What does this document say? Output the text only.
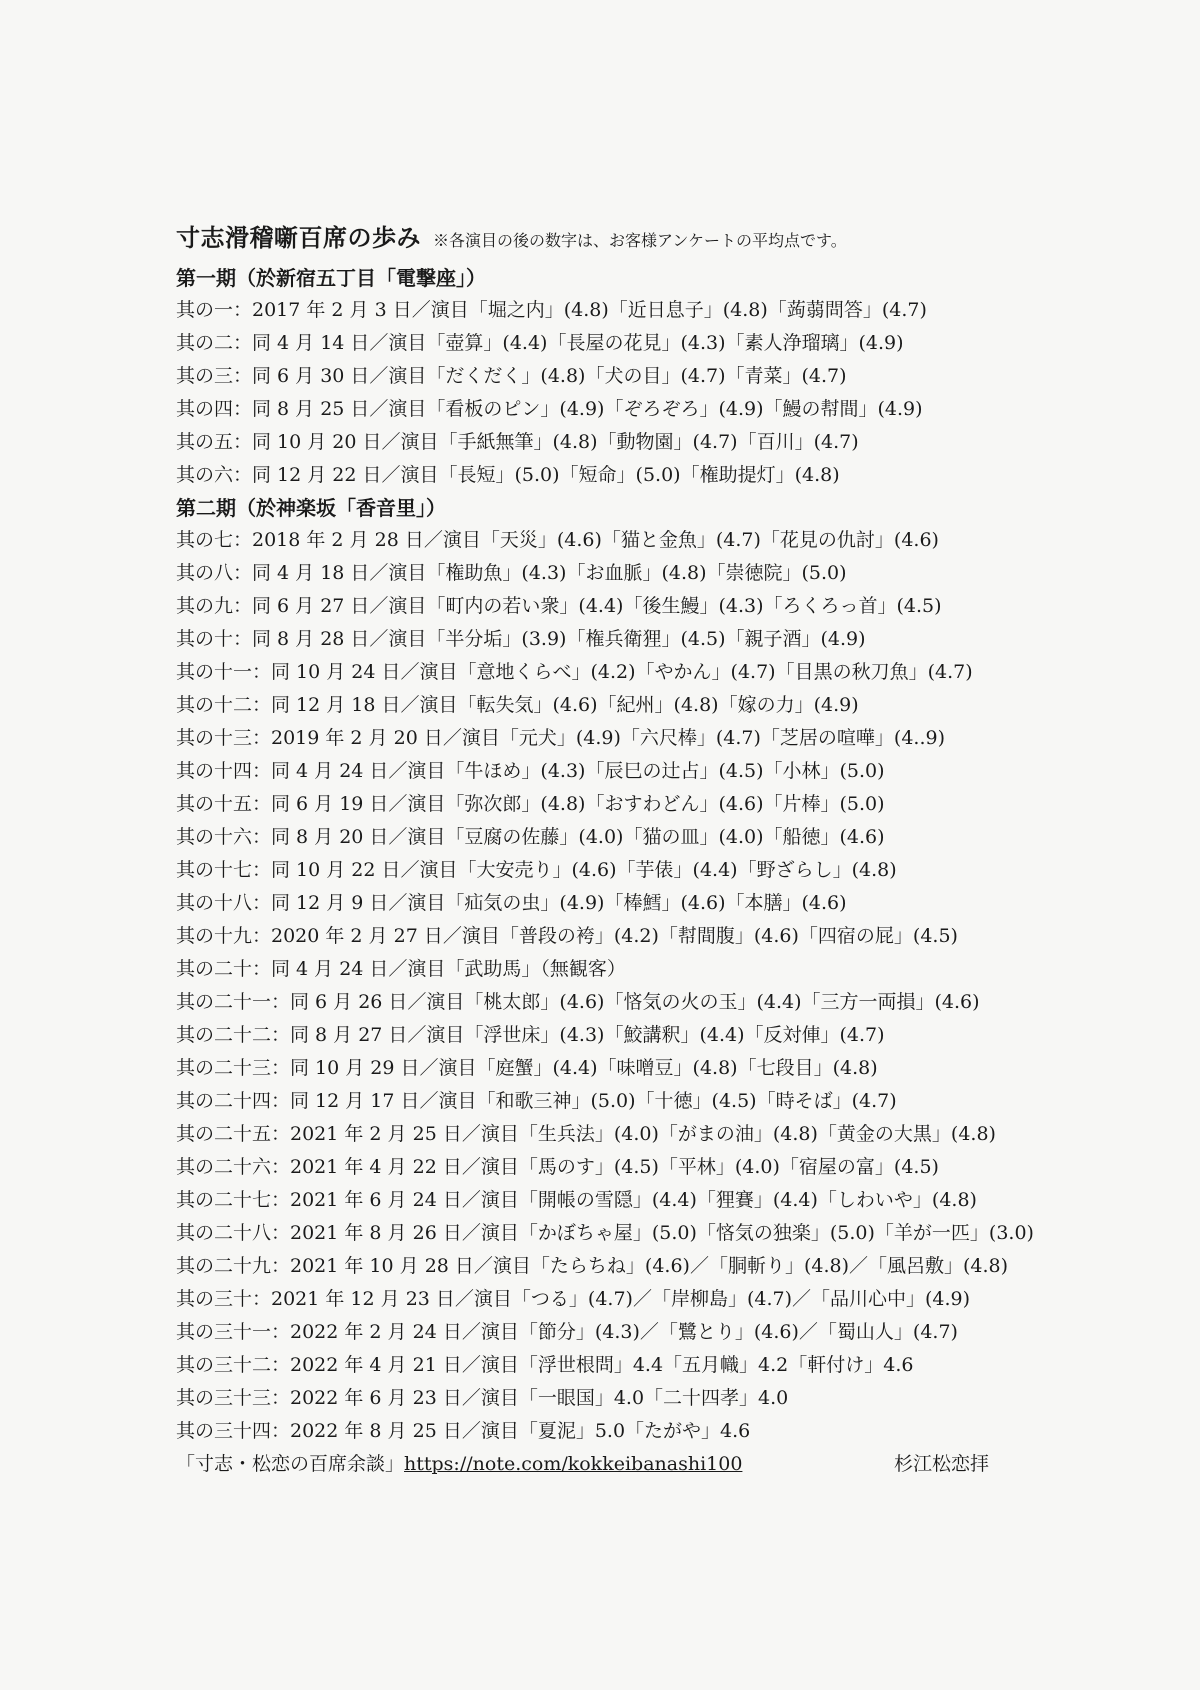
寸志滑稽噺百席の歩み ※各演目の後の数字は、お客様アンケートの平均点です。
第一期（於新宿五丁目「電撃座」）
其の一：2017 年 2 月 3 日／演目「堀之内」(4.8)「近日息子」(4.8)「蒟蒻問答」(4.7)
其の二：同 4 月 14 日／演目「壺算」(4.4)「長屋の花見」(4.3)「素人浄瑠璃」(4.9)
其の三：同 6 月 30 日／演目「だくだく」(4.8)「犬の目」(4.7)「青菜」(4.7)
其の四：同 8 月 25 日／演目「看板のピン」(4.9)「ぞろぞろ」(4.9)「鰻の幇間」(4.9)
其の五：同 10 月 20 日／演目「手紙無筆」(4.8)「動物園」(4.7)「百川」(4.7)
其の六：同 12 月 22 日／演目「長短」(5.0)「短命」(5.0)「権助提灯」(4.8)
第二期（於神楽坂「香音里」）
其の七：2018 年 2 月 28 日／演目「天災」(4.6)「猫と金魚」(4.7)「花見の仇討」(4.6)
其の八：同 4 月 18 日／演目「権助魚」(4.3)「お血脈」(4.8)「崇徳院」(5.0)
其の九：同 6 月 27 日／演目「町内の若い衆」(4.4)「後生鰻」(4.3)「ろくろっ首」(4.5)
其の十：同 8 月 28 日／演目「半分垢」(3.9)「権兵衛狸」(4.5)「親子酒」(4.9)
其の十一：同 10 月 24 日／演目「意地くらべ」(4.2)「やかん」(4.7)「目黒の秋刀魚」(4.7)
其の十二：同 12 月 18 日／演目「転失気」(4.6)「紀州」(4.8)「嫁の力」(4.9)
其の十三：2019 年 2 月 20 日／演目「元犬」(4.9)「六尺棒」(4.7)「芝居の喧嘩」(4..9)
其の十四：同 4 月 24 日／演目「牛ほめ」(4.3)「辰巳の辻占」(4.5)「小林」(5.0)
其の十五：同 6 月 19 日／演目「弥次郎」(4.8)「おすわどん」(4.6)「片棒」(5.0)
其の十六：同 8 月 20 日／演目「豆腐の佐藤」(4.0)「猫の皿」(4.0)「船徳」(4.6)
其の十七：同 10 月 22 日／演目「大安売り」(4.6)「芋俵」(4.4)「野ざらし」(4.8)
其の十八：同 12 月 9 日／演目「疝気の虫」(4.9)「棒鱈」(4.6)「本膳」(4.6)
其の十九：2020 年 2 月 27 日／演目「普段の袴」(4.2)「幇間腹」(4.6)「四宿の屁」(4.5)
其の二十：同 4 月 24 日／演目「武助馬」（無観客）
其の二十一：同 6 月 26 日／演目「桃太郎」(4.6)「悋気の火の玉」(4.4)「三方一両損」(4.6)
其の二十二：同 8 月 27 日／演目「浮世床」(4.3)「鮫講釈」(4.4)「反対俥」(4.7)
其の二十三：同 10 月 29 日／演目「庭蟹」(4.4)「味噌豆」(4.8)「七段目」(4.8)
其の二十四：同 12 月 17 日／演目「和歌三神」(5.0)「十徳」(4.5)「時そば」(4.7)
其の二十五：2021 年 2 月 25 日／演目「生兵法」(4.0)「がまの油」(4.8)「黄金の大黒」(4.8)
其の二十六：2021 年 4 月 22 日／演目「馬のす」(4.5)「平林」(4.0)「宿屋の富」(4.5)
其の二十七：2021 年 6 月 24 日／演目「開帳の雪隠」(4.4)「狸賽」(4.4)「しわいや」(4.8)
其の二十八：2021 年 8 月 26 日／演目「かぼちゃ屋」(5.0)「悋気の独楽」(5.0)「羊が一匹」(3.0)
其の二十九：2021 年 10 月 28 日／演目「たらちね」(4.6)／「胴斬り」(4.8)／「風呂敷」(4.8)
其の三十：2021 年 12 月 23 日／演目「つる」(4.7)／「岸柳島」(4.7)／「品川心中」(4.9)
其の三十一：2022 年 2 月 24 日／演目「節分」(4.3)／「鷺とり」(4.6)／「蜀山人」(4.7)
其の三十二：2022 年 4 月 21 日／演目「浮世根問」4.4「五月幟」4.2「軒付け」4.6
其の三十三：2022 年 6 月 23 日／演目「一眼国」4.0「二十四孝」4.0
其の三十四：2022 年 8 月 25 日／演目「夏泥」5.0「たがや」4.6
「寸志・松恋の百席余談」https://note.com/kokkeibanashi100	杉江松恋拝
